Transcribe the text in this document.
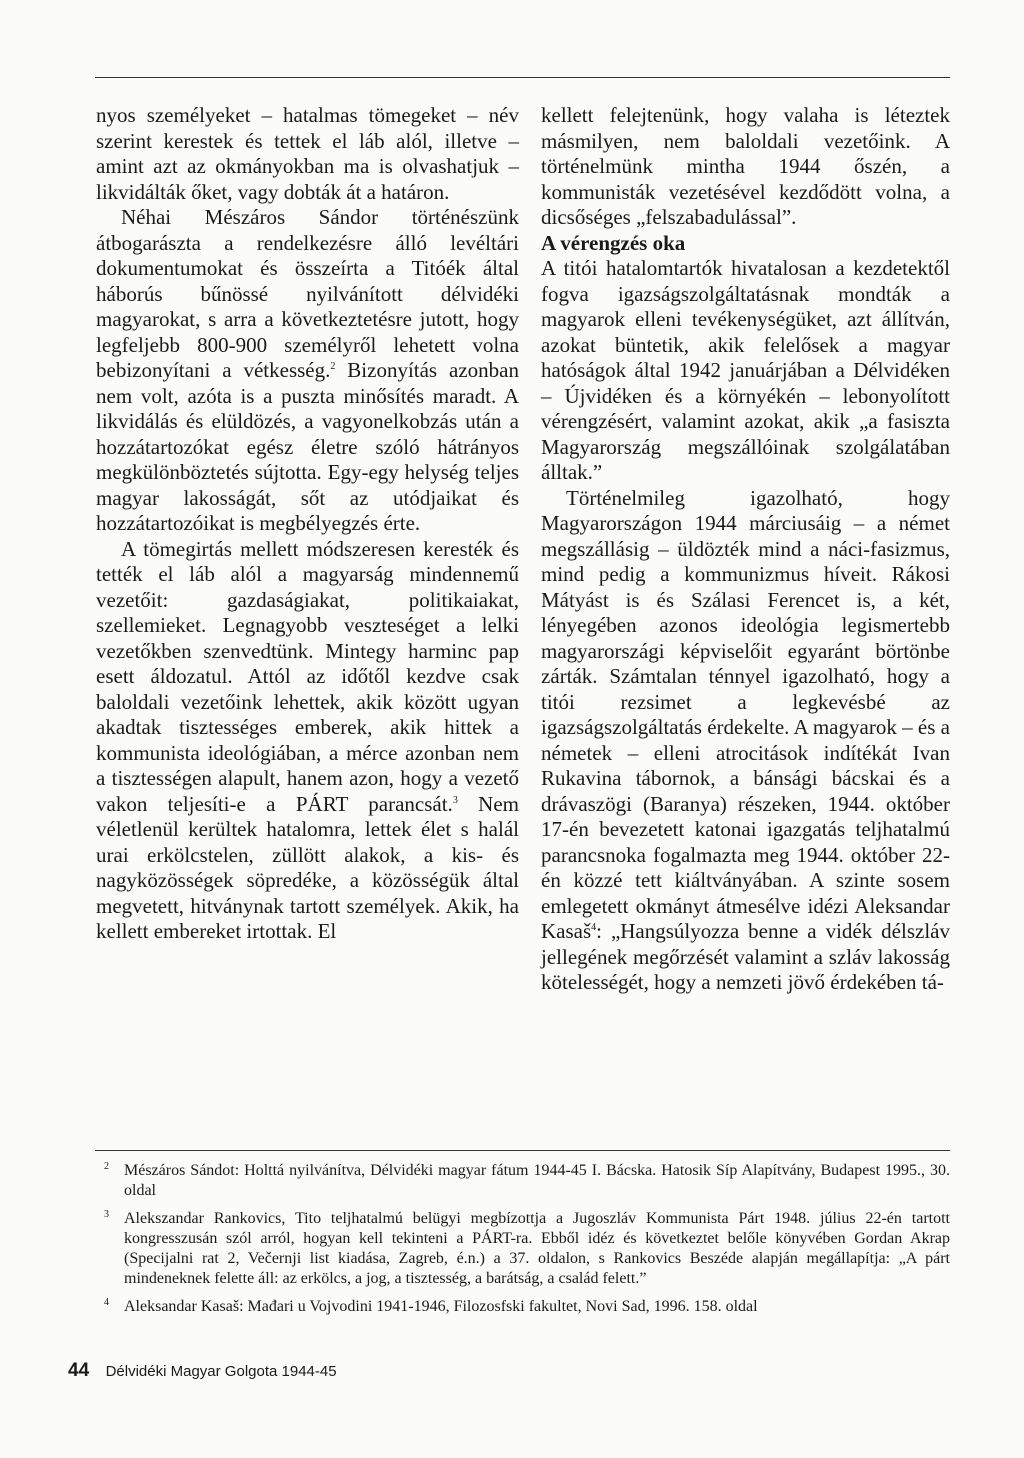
nyos személyeket – hatalmas tömegeket – név szerint kerestek és tettek el láb alól, illetve – amint azt az okmányokban ma is olvashatjuk – likvidálták őket, vagy dobták át a határon.

Néhai Mészáros Sándor történészünk átbogarászta a rendelkezésre álló levéltári dokumentumokat és összeírta a Titóék által háborús bűnössé nyilvánított délvidéki magyarokat, s arra a következtetésre jutott, hogy legfeljebb 800-900 személyről lehetett volna bebizonyítani a vétkesség.$^2$ Bizonyítás azonban nem volt, azóta is a puszta minősítés maradt. A likvidálás és elüldözés, a vagyonelkobzás után a hozzátartozókat egész életre szóló hátrányos megkülönböztetés sújtotta. Egy-egy helység teljes magyar lakosságát, sőt az utódjaikat és hozzátartozóikat is megbélyegzés érte.

A tömegirtás mellett módszeresen keresték és tették el láb alól a magyarság mindennemű vezetőit: gazdaságiakat, politikaiakat, szellemieket. Legnagyobb veszteséget a lelki vezetőkben szenvedtünk. Mintegy harminc pap esett áldozatul. Attól az időtől kezdve csak baloldali vezetőink lehettek, akik között ugyan akadtak tisztességes emberek, akik hittek a kommunista ideológiában, a mérce azonban nem a tisztességen alapult, hanem azon, hogy a vezető vakon teljesíti-e a PÁRT parancsát.$^3$ Nem véletlenül kerültek hatalomra, lettek élet s halál urai erkölcstelen, züllött alakok, a kis- és nagyközösségek söpredéke, a közösségük által megvetett, hitványnak tartott személyek. Akik, ha kellett embereket irtottak. El

kellett felejtenünk, hogy valaha is léteztek másmilyen, nem baloldali vezetőink. A történelmünk mintha 1944 őszén, a kommunisták vezetésével kezdődött volna, a dicsőséges „felszabadulással”.

A vérengzés oka

A titói hatalomtartók hivatalosan a kezdetektől fogva igazságszolgáltatásnak mondták a magyarok elleni tevékenységüket, azt állítván, azokat büntetik, akik felelősek a magyar hatóságok által 1942 januárjában a Délvidéken – Újvidéken és a környékén – lebonyolított vérengzésért, valamint azokat, akik „a fasiszta Magyarország megszállóinak szolgálatában álltak.”

Történelmileg igazolható, hogy Magyarországon 1944 márciusáig – a német megszállásig – üldözték mind a náci-fasizmus, mind pedig a kommunizmus híveit. Rákosi Mátyást is és Szálasi Ferencet is, a két, lényegében azonos ideológia legismertebb magyarországi képviselőit egyaránt börtönbe zárták. Számtalan ténnyel igazolható, hogy a titói rezsimet a legkevésbé az igazságszolgáltatás érdekelte. A magyarok – és a németek – elleni atrocitások indítékát Ivan Rukavina tábornok, a bánsági bácskai és a drávaszögi (Baranya) részeken, 1944. október 17-én bevezetett katonai igazgatás teljhatalmú parancsnoka fogalmazta meg 1944. október 22-én közzé tett kiáltványában. A szinte sosem emlegetett okmányt átmesélve idézi Aleksandar Kasaš$^4$: „Hangsúlyozza benne a vidék délszláv jellegének megőrzését valamint a szláv lakosság kötelességét, hogy a nemzeti jövő érdekében tá-

2 Mészáros Sándot: Holttá nyilvánítva, Délvidéki magyar fátum 1944-45 I. Bácska. Hatosik Síp Alapítvány, Budapest 1995., 30. oldal
3 Alekszandar Rankovics, Tito teljhatalmú belügyi megbízottja a Jugoszláv Kommunista Párt 1948. július 22-én tartott kongresszusán szól arról, hogyan kell tekinteni a PÁRT-ra. Ebből idéz és következtet belőle könyvében Gordan Akrap (Specijalni rat 2, Večernji list kiadása, Zagreb, é.n.) a 37. oldalon, s Rankovics Beszéde alapján megállapítja: „A párt mindeneknek felette áll: az erkölcs, a jog, a tisztesség, a barátság, a család felett.”
4 Aleksandar Kasaš: Mađari u Vojvodini 1941-1946, Filozosfski fakultet, Novi Sad, 1996. 158. oldal
44 Délvidéki Magyar Golgota 1944-45
